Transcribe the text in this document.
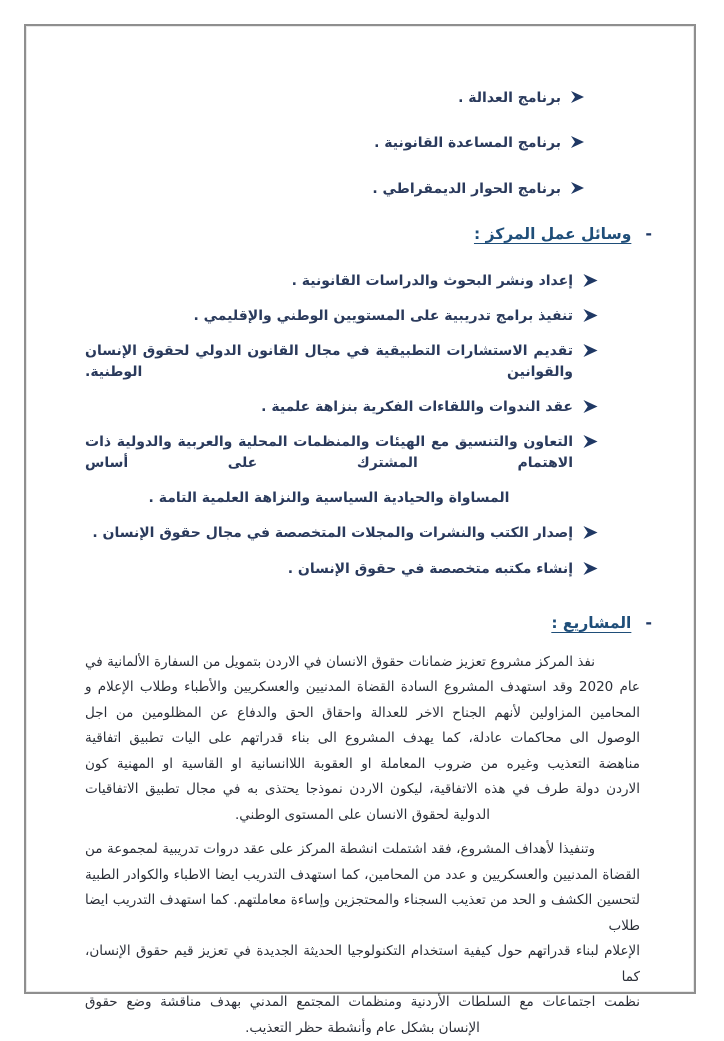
برنامج العدالة .
برنامج المساعدة القانونية .
برنامج الحوار الديمقراطي .
-
وسائل عمل المركز :
إعداد ونشر البحوث والدراسات القانونية .
تنفيذ برامج تدريبية على المستويين الوطني والإقليمي .
تقديم الاستشارات التطبيقية في مجال القانون الدولي لحقوق الإنسان والقوانين الوطنية.
عقد الندوات واللقاءات الفكرية بنزاهة علمية .
التعاون والتنسيق مع الهيئات والمنظمات المحلية والعربية والدولية ذات الاهتمام المشترك على أساس
المساواة والحيادية السياسية والنزاهة العلمية التامة .
إصدار الكتب والنشرات والمجلات المتخصصة في مجال حقوق الإنسان .
إنشاء مكتبه متخصصة في حقوق الإنسان .
-
المشاريع :
نفذ المركز مشروع تعزيز ضمانات حقوق الانسان في الاردن بتمويل من السفارة الألمانية في
عام 2020 وقد استهدف المشروع السادة القضاة المدنيين والعسكريين والأطباء وطلاب الإعلام و
المحامين المزاولين لأنهم الجناح الاخر للعدالة واحقاق الحق والدفاع عن المظلومين من اجل
الوصول الى محاكمات عادلة، كما يهدف المشروع الى بناء قدراتهم على اليات تطبيق اتفاقية
مناهضة التعذيب وغيره من ضروب المعاملة او العقوبة اللاانسانية او القاسية او المهنية كون
الاردن دولة طرف في هذه الاتفاقية، ليكون الاردن نموذجا يحتذى به في مجال تطبيق الاتفاقيات
الدولية لحقوق الانسان على المستوى الوطني.
وتنفيذا لأهداف المشروع، فقد اشتملت انشطة المركز على عقد دروات تدريبية لمجموعة من
القضاة المدنيين والعسكريين و عدد من المحامين، كما استهدف التدريب ايضا الاطباء والكوادر الطبية
لتحسين الكشف و الحد من تعذيب السجناء والمحتجزين وإساءة معاملتهم. كما استهدف التدريب ايضا طلاب
الإعلام لبناء قدراتهم حول كيفية استخدام التكنولوجيا الحديثة الجديدة في تعزيز قيم حقوق الإنسان، كما
نظمت اجتماعات مع السلطات الأردنية ومنظمات المجتمع المدني بهدف مناقشة وضع حقوق
الإنسان بشكل عام وأنشطة حظر التعذيب.
